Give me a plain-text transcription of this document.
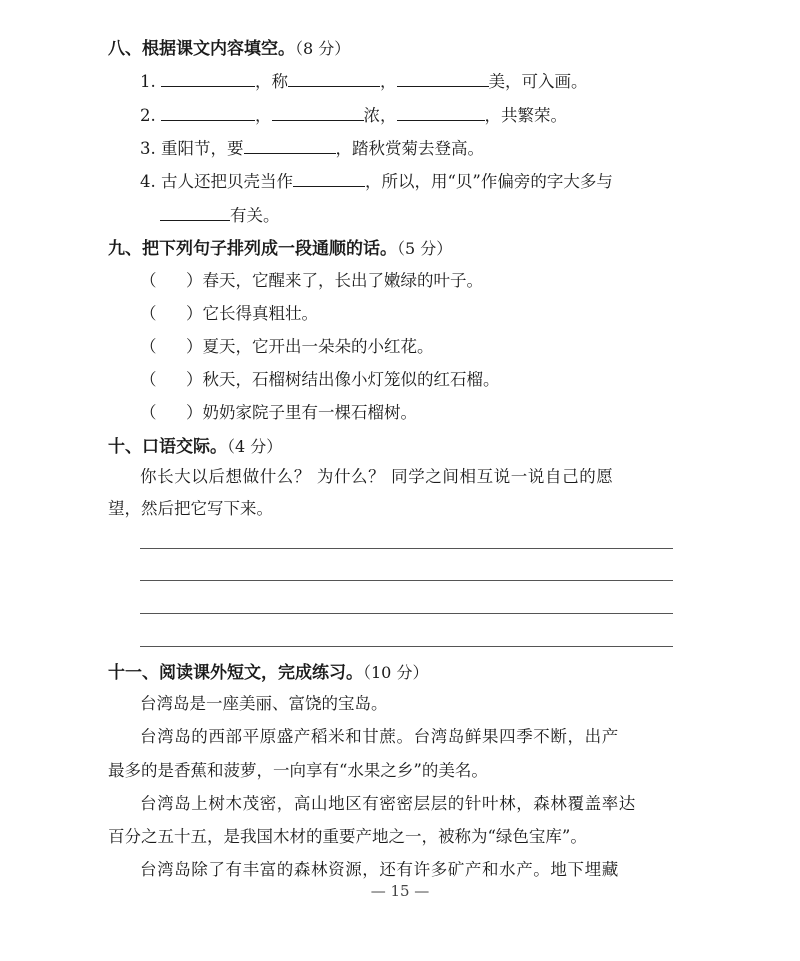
八、根据课文内容填空。（8 分）
1.	，称	，	美，可入画。
2.	，	浓，	，共繁荣。
3. 重阳节，要	，踏秋赏菊去登高。
4. 古人还把贝壳当作	，所以，用“贝”作偏旁的字大多与
有关。
九、把下列句子排列成一段通顺的话。（5 分）
（ ）春天，它醒来了，长出了嫩绿的叶子。
（ ）它长得真粗壮。
（ ）夏天，它开出一朵朵的小红花。
（ ）秋天，石榴树结出像小灯笼似的红石榴。
（ ）奶奶家院子里有一棵石榴树。
十、口语交际。（4 分）
你长大以后想做什么？ 为什么？ 同学之间相互说一说自己的愿
望，然后把它写下来。
十一、阅读课外短文，完成练习。（10 分）
台湾岛是一座美丽、富饶的宝岛。
台湾岛的西部平原盛产稻米和甘蔗。台湾岛鲜果四季不断，出产
最多的是香蕉和菠萝，一向享有“水果之乡”的美名。
台湾岛上树木茂密，高山地区有密密层层的针叶林，森林覆盖率达
百分之五十五，是我国木材的重要产地之一，被称为“绿色宝库”。
台湾岛除了有丰富的森林资源，还有许多矿产和水产。地下埋藏
— 15 —
